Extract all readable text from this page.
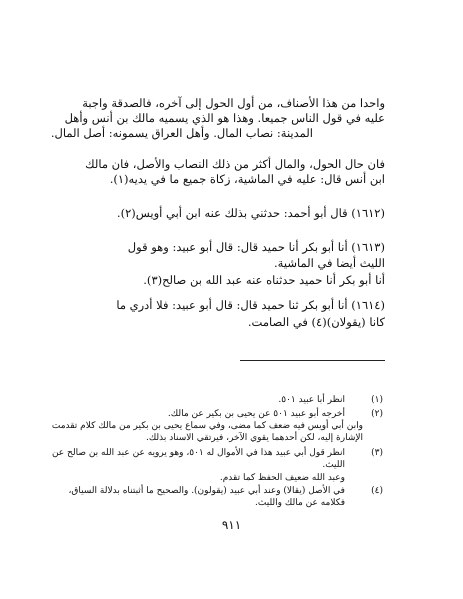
واحدا من هذا الأصناف، من أول الحول إلى آخره، فالصدقة واجبة
عليه في قول الناس جميعا. وهذا هو الذي يسميه مالك بن أنس وأهل
المدينة: نصاب المال. وأهل العراق يسمونه: أصل المال.
فان حال الحول، والمال أكثر من ذلك النصاب والأصل، فان مالك
ابن أنس قال: عليه في الماشية، زكاة جميع ما في يديه(١).
(١٦١٢) قال أبو أحمد: حدثني بذلك عنه ابن أبي أويس(٢).
(١٦١٣) أنا أبو بكر أنا حميد قال: قال أبو عبيد: وهو قول
الليث أيضا في الماشية.
أنا أبو بكر أنا حميد حدثناه عنه عبد الله بن صالح(٣).
(١٦١٤) أنا أبو بكر ثنا حميد قال: قال أبو عبيد: فلا أدري ما
كانا (يقولان)(٤) في الصامت.
(١)
انظر أبا عبيد ٥٠١.
(٢)
أخرجه أبو عبيد ٥٠١ عن يحيى بن بكير عن مالك.
وابن أبي أويس فيه ضعف كما مضى، وفي سماع يحيى بن بكير من مالك كلام تقدمت
الإشارة إليه، لكن أحدهما يقوي الآخر، فيرتقي الاسناد بذلك.
(٣)
انظر قول أبي عبيد هذا في الأموال له ٥٠١، وهو يرويه عن عبد الله بن صالح عن
الليث.
وعبد الله ضعيف الحفظ كما تقدم.
(٤)
في الأصل (يقالا) وعند أبي عبيد (يقولون). والصحيح ما أثبتناه بدلالة السياق،
فكلامه عن مالك والليث.
٩١١
